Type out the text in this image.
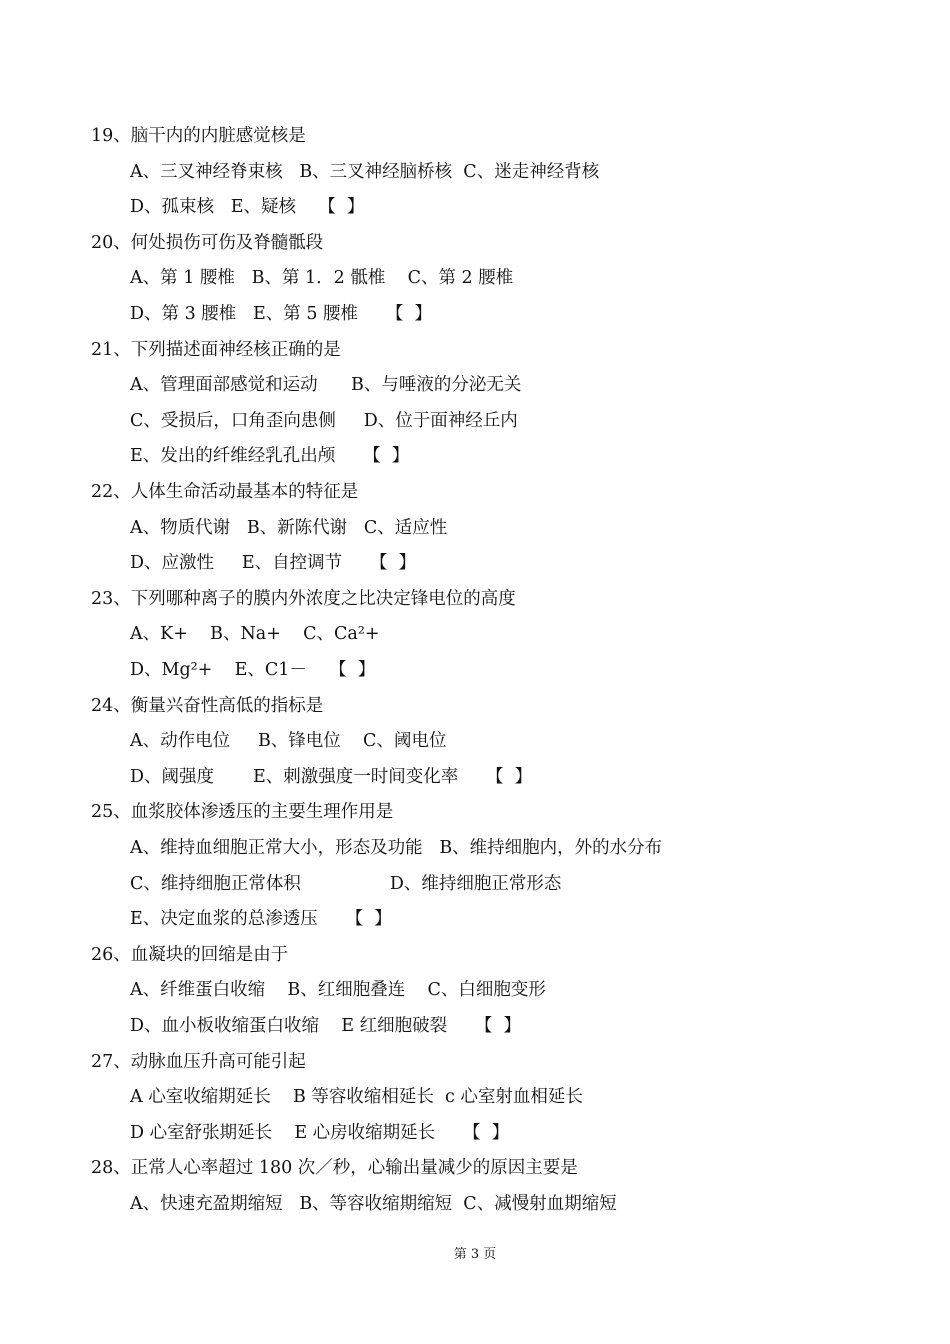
19、脑干内的内脏感觉核是
A、三叉神经脊束核   B、三叉神经脑桥核  C、迷走神经背核
D、孤束核   E、疑核    【  】
20、何处损伤可伤及脊髓骶段
A、第 1 腰椎   B、第 1．2 骶椎    C、第 2 腰椎
D、第 3 腰椎   E、第 5 腰椎     【  】
21、下列描述面神经核正确的是
A、管理面部感觉和运动      B、与唾液的分泌无关
C、受损后，口角歪向患侧     D、位于面神经丘内
E、发出的纤维经乳孔出颅     【  】
22、人体生命活动最基本的特征是
A、物质代谢   B、新陈代谢   C、适应性
D、应激性     E、自控调节     【  】
23、下列哪种离子的膜内外浓度之比决定锋电位的高度
A、K+    B、Na+    C、Ca²+
D、Mg²+    E、C1－    【  】
24、衡量兴奋性高低的指标是
A、动作电位     B、锋电位    C、阈电位
D、阈强度       E、刺激强度一时间变化率     【  】
25、血浆胶体渗透压的主要生理作用是
A、维持血细胞正常大小，形态及功能   B、维持细胞内，外的水分布
C、维持细胞正常体积                D、维持细胞正常形态
E、决定血浆的总渗透压     【  】
26、血凝块的回缩是由于
A、纤维蛋白收缩    B、红细胞叠连    C、白细胞变形
D、血小板收缩蛋白收缩    E 红细胞破裂     【  】
27、动脉血压升高可能引起
A 心室收缩期延长    B 等容收缩相延长  c 心室射血相延长
D 心室舒张期延长    E 心房收缩期延长     【  】
28、正常人心率超过 180 次／秒，心输出量减少的原因主要是
A、快速充盈期缩短   B、等容收缩期缩短  C、减慢射血期缩短
第 3 页
